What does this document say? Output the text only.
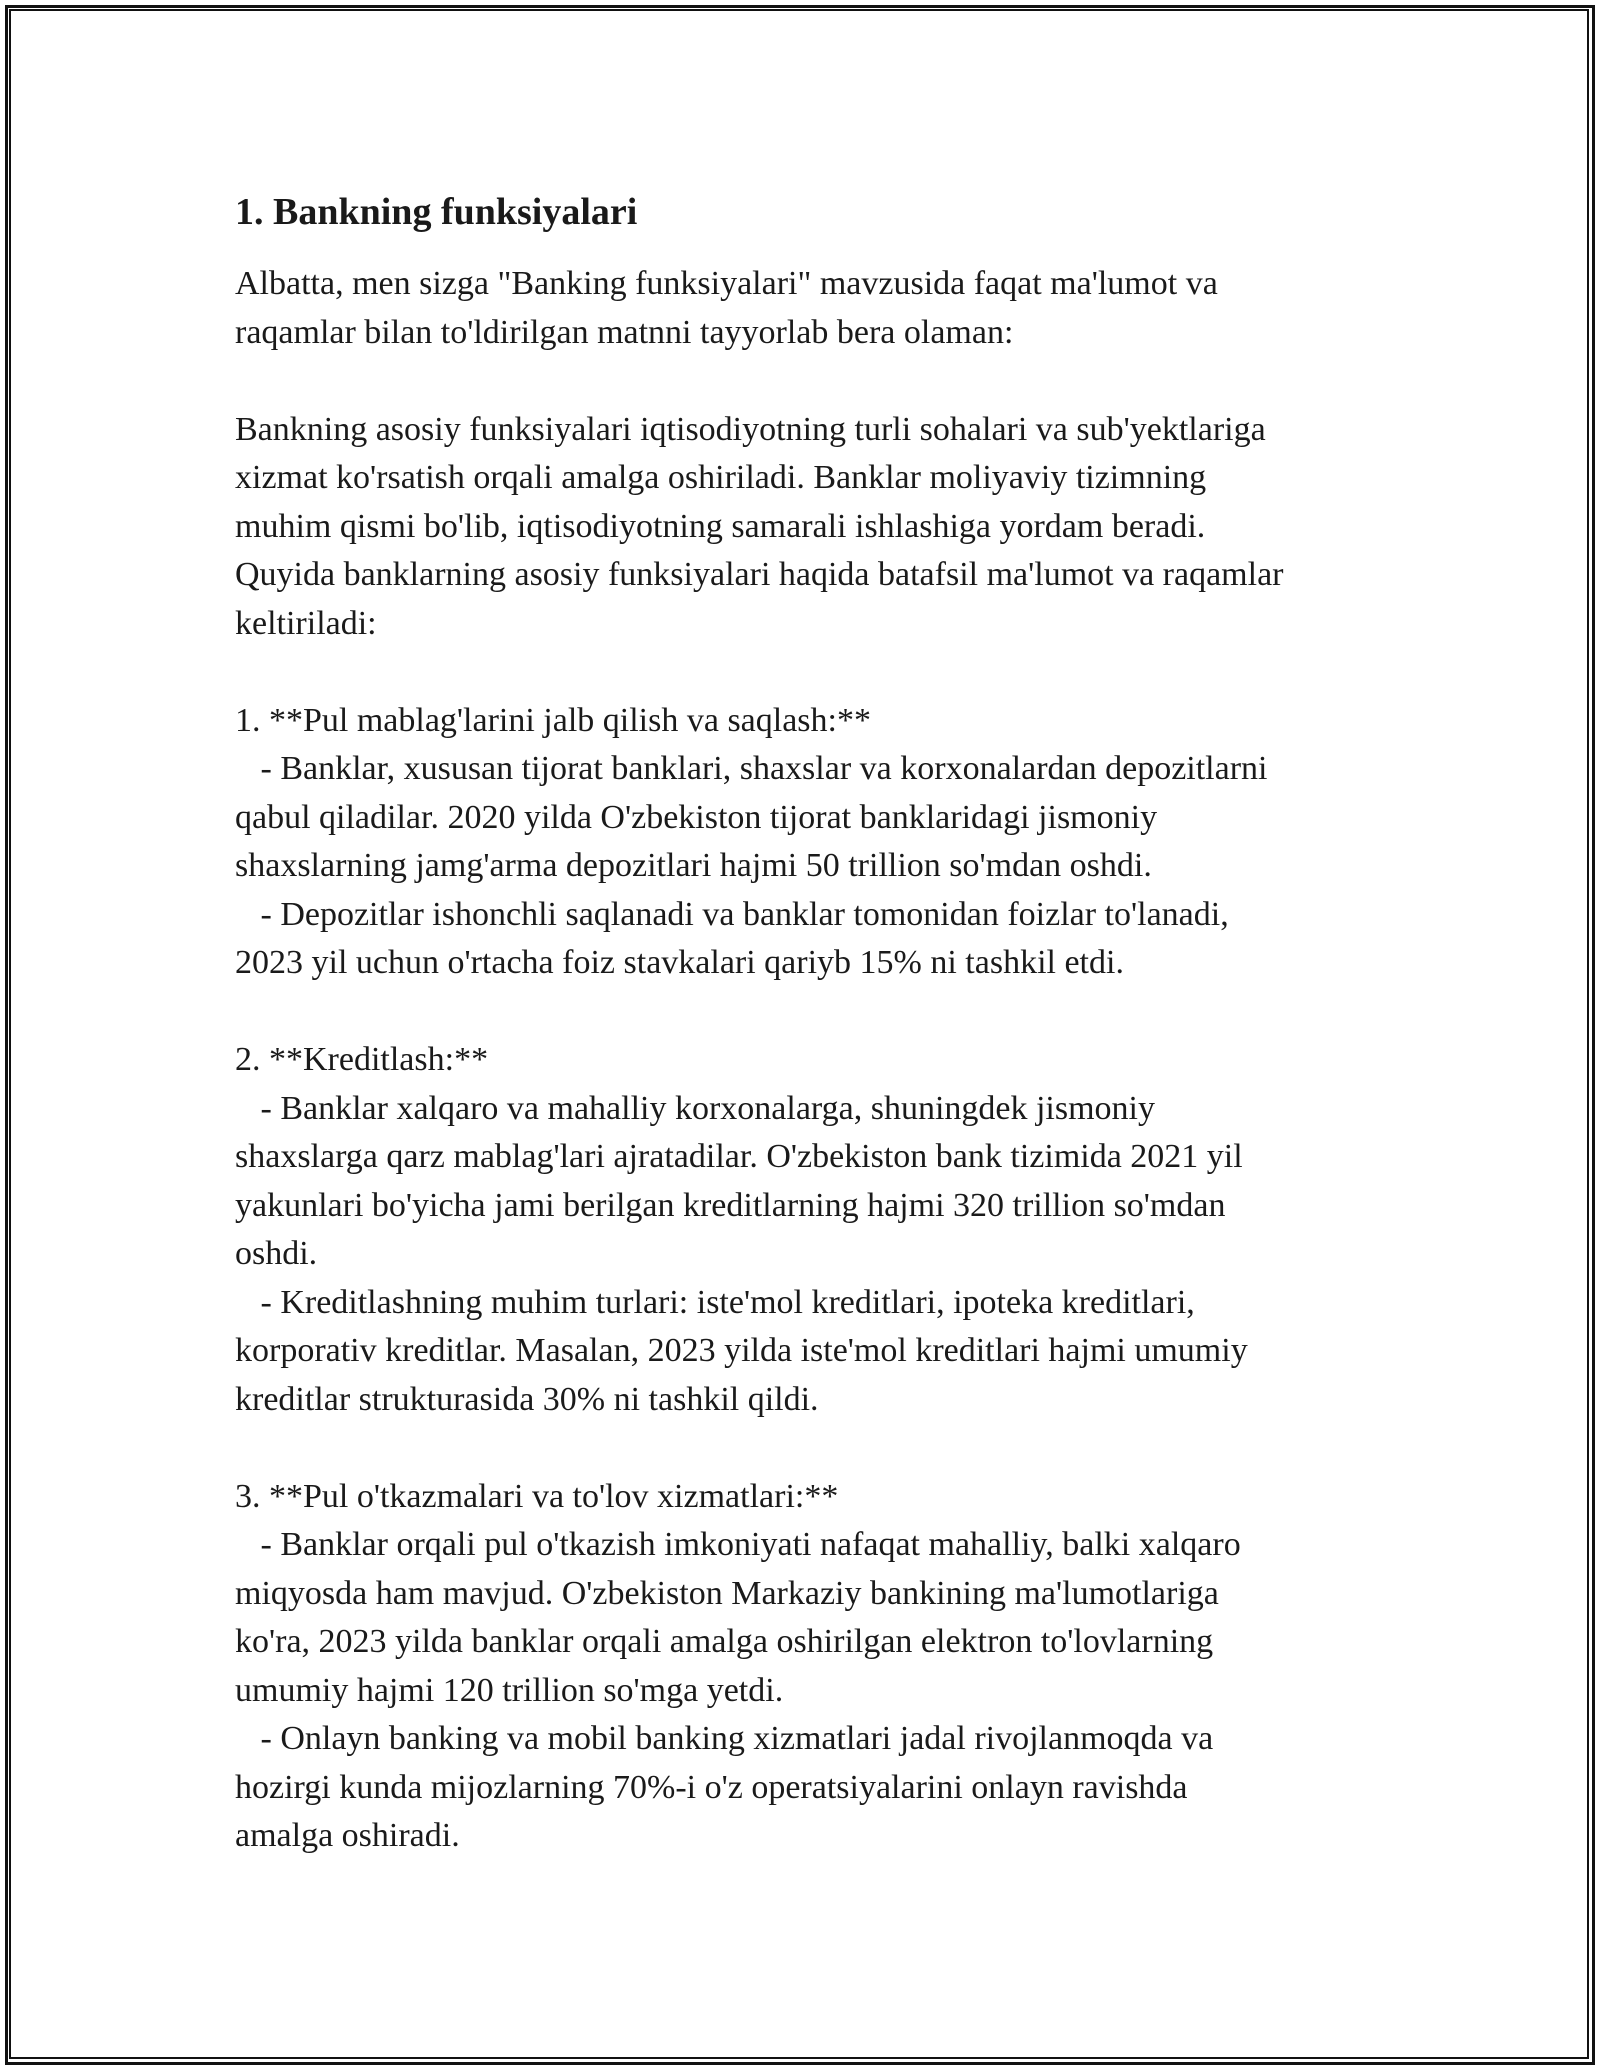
1. Bankning funksiyalari

Albatta, men sizga "Banking funksiyalari" mavzusida faqat ma'lumot va
raqamlar bilan to'ldirilgan matnni tayyorlab bera olaman:

Bankning asosiy funksiyalari iqtisodiyotning turli sohalari va sub'yektlariga
xizmat ko'rsatish orqali amalga oshiriladi. Banklar moliyaviy tizimning
muhim qismi bo'lib, iqtisodiyotning samarali ishlashiga yordam beradi.
Quyida banklarning asosiy funksiyalari haqida batafsil ma'lumot va raqamlar
keltiriladi:

1. **Pul mablag'larini jalb qilish va saqlash:**
- Banklar, xususan tijorat banklari, shaxslar va korxonalardan depozitlarni
qabul qiladilar. 2020 yilda O'zbekiston tijorat banklaridagi jismoniy
shaxslarning jamg'arma depozitlari hajmi 50 trillion so'mdan oshdi.
- Depozitlar ishonchli saqlanadi va banklar tomonidan foizlar to'lanadi,
2023 yil uchun o'rtacha foiz stavkalari qariyb 15% ni tashkil etdi.

2. **Kreditlash:**
- Banklar xalqaro va mahalliy korxonalarga, shuningdek jismoniy
shaxslarga qarz mablag'lari ajratadilar. O'zbekiston bank tizimida 2021 yil
yakunlari bo'yicha jami berilgan kreditlarning hajmi 320 trillion so'mdan
oshdi.
- Kreditlashning muhim turlari: iste'mol kreditlari, ipoteka kreditlari,
korporativ kreditlar. Masalan, 2023 yilda iste'mol kreditlari hajmi umumiy
kreditlar strukturasida 30% ni tashkil qildi.

3. **Pul o'tkazmalari va to'lov xizmatlari:**
- Banklar orqali pul o'tkazish imkoniyati nafaqat mahalliy, balki xalqaro
miqyosda ham mavjud. O'zbekiston Markaziy bankining ma'lumotlariga
ko'ra, 2023 yilda banklar orqali amalga oshirilgan elektron to'lovlarning
umumiy hajmi 120 trillion so'mga yetdi.
- Onlayn banking va mobil banking xizmatlari jadal rivojlanmoqda va
hozirgi kunda mijozlarning 70%-i o'z operatsiyalarini onlayn ravishda
amalga oshiradi.
